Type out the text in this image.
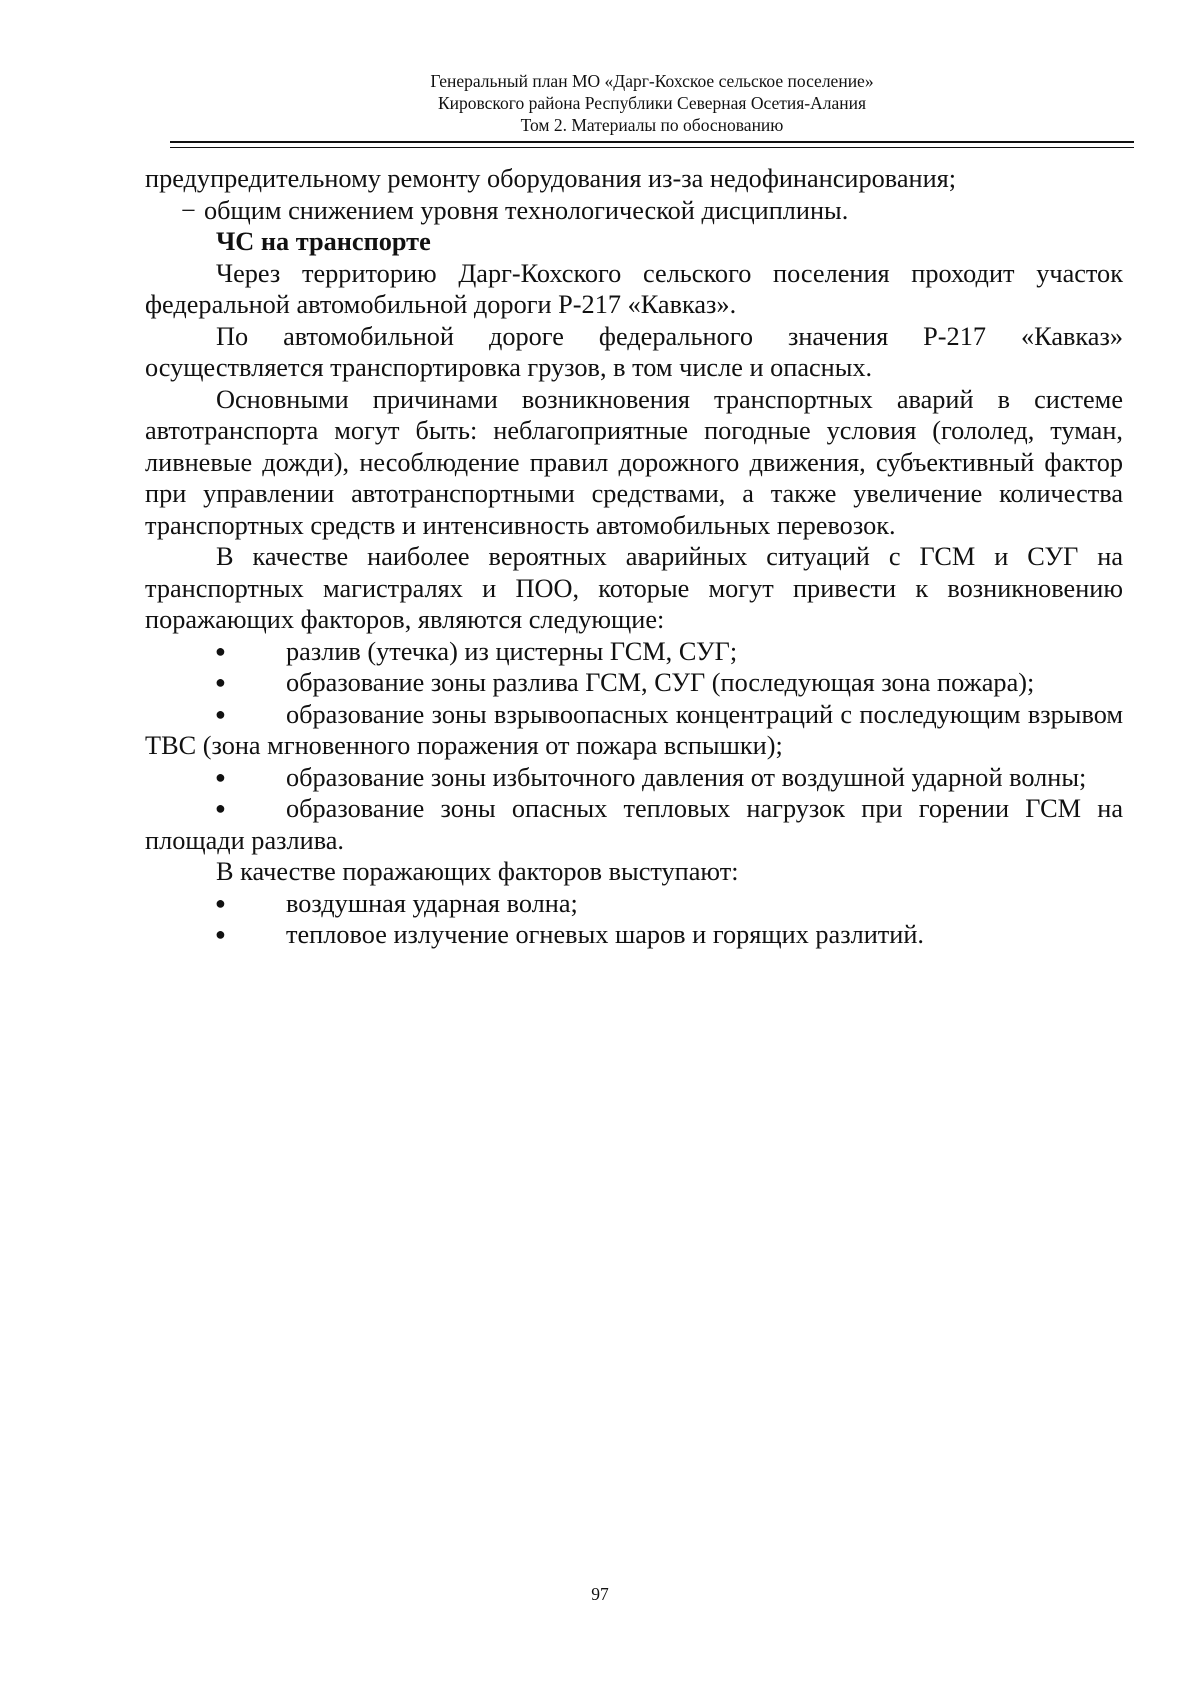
Генеральный план МО «Дарг-Кохское сельское поселение»
Кировского района Республики Северная Осетия-Алания
Том 2. Материалы по обоснованию

предупредительному ремонту оборудования из-за недофинансирования;

− общим снижением уровня технологической дисциплины.

ЧС на транспорте

Через территорию Дарг-Кохского сельского поселения проходит участок федеральной автомобильной дороги Р-217 «Кавказ».

По автомобильной дороге федерального значения Р-217 «Кавказ» осуществляется транспортировка грузов, в том числе и опасных.

Основными причинами возникновения транспортных аварий в системе автотранспорта могут быть: неблагоприятные погодные условия (гололед, туман, ливневые дожди), несоблюдение правил дорожного движения, субъективный фактор при управлении автотранспортными средствами, а также увеличение количества транспортных средств и интенсивность автомобильных перевозок.

В качестве наиболее вероятных аварийных ситуаций с ГСМ и СУГ на транспортных магистралях и ПОО, которые могут привести к возникновению поражающих факторов, являются следующие:

● разлив (утечка) из цистерны ГСМ, СУГ;

● образование зоны разлива ГСМ, СУГ (последующая зона пожара);

● образование зоны взрывоопасных концентраций с последующим взрывом ТВС (зона мгновенного поражения от пожара вспышки);

● образование зоны избыточного давления от воздушной ударной волны;

● образование зоны опасных тепловых нагрузок при горении ГСМ на площади разлива.

В качестве поражающих факторов выступают:

● воздушная ударная волна;

● тепловое излучение огневых шаров и горящих разлитий.

97
